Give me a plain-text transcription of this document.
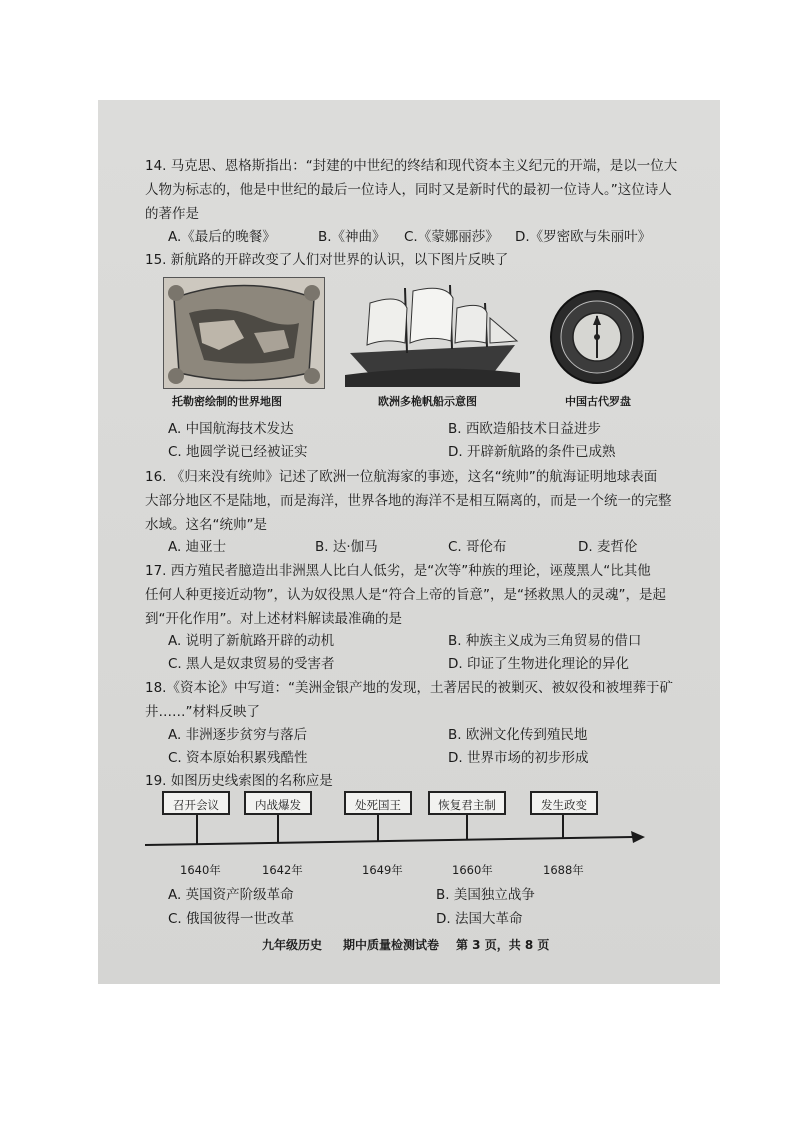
14. 马克思、恩格斯指出：“封建的中世纪的终结和现代资本主义纪元的开端，是以一位大
人物为标志的，他是中世纪的最后一位诗人，同时又是新时代的最初一位诗人。”这位诗人
的著作是
A.《最后的晚餐》	B.《神曲》 C.《蒙娜丽莎》 D.《罗密欧与朱丽叶》
15. 新航路的开辟改变了人们对世界的认识，以下图片反映了
托勒密绘制的世界地图	欧洲多桅帆船示意图	中国古代罗盘
A. 中国航海技术发达	B. 西欧造船技术日益进步
C. 地圆学说已经被证实	D. 开辟新航路的条件已成熟
16. 《归来没有统帅》记述了欧洲一位航海家的事迹，这名“统帅”的航海证明地球表面
大部分地区不是陆地，而是海洋，世界各地的海洋不是相互隔离的，而是一个统一的完整
水域。这名“统帅”是
A. 迪亚士	B. 达·伽马	C. 哥伦布	D. 麦哲伦
17. 西方殖民者臆造出非洲黑人比白人低劣，是“次等”种族的理论，诬蔑黑人“比其他
任何人种更接近动物”，认为奴役黑人是“符合上帝的旨意”，是“拯救黑人的灵魂”，是起
到“开化作用”。对上述材料解读最准确的是
A. 说明了新航路开辟的动机	B. 种族主义成为三角贸易的借口
C. 黑人是奴隶贸易的受害者	D. 印证了生物进化理论的异化
18.《资本论》中写道：“美洲金银产地的发现，土著居民的被剿灭、被奴役和被埋葬于矿
井……”材料反映了
A. 非洲逐步贫穷与落后	B. 欧洲文化传到殖民地
C. 资本原始积累残酷性	D. 世界市场的初步形成
19. 如图历史线索图的名称应是
召开会议	内战爆发	处死国王	恢复君主制	发生政变
1640年	1642年	1649年	1660年	1688年
A. 英国资产阶级革命	B. 美国独立战争
C. 俄国彼得一世改革	D. 法国大革命
九年级历史 期中质量检测试卷 第 3 页，共 8 页
